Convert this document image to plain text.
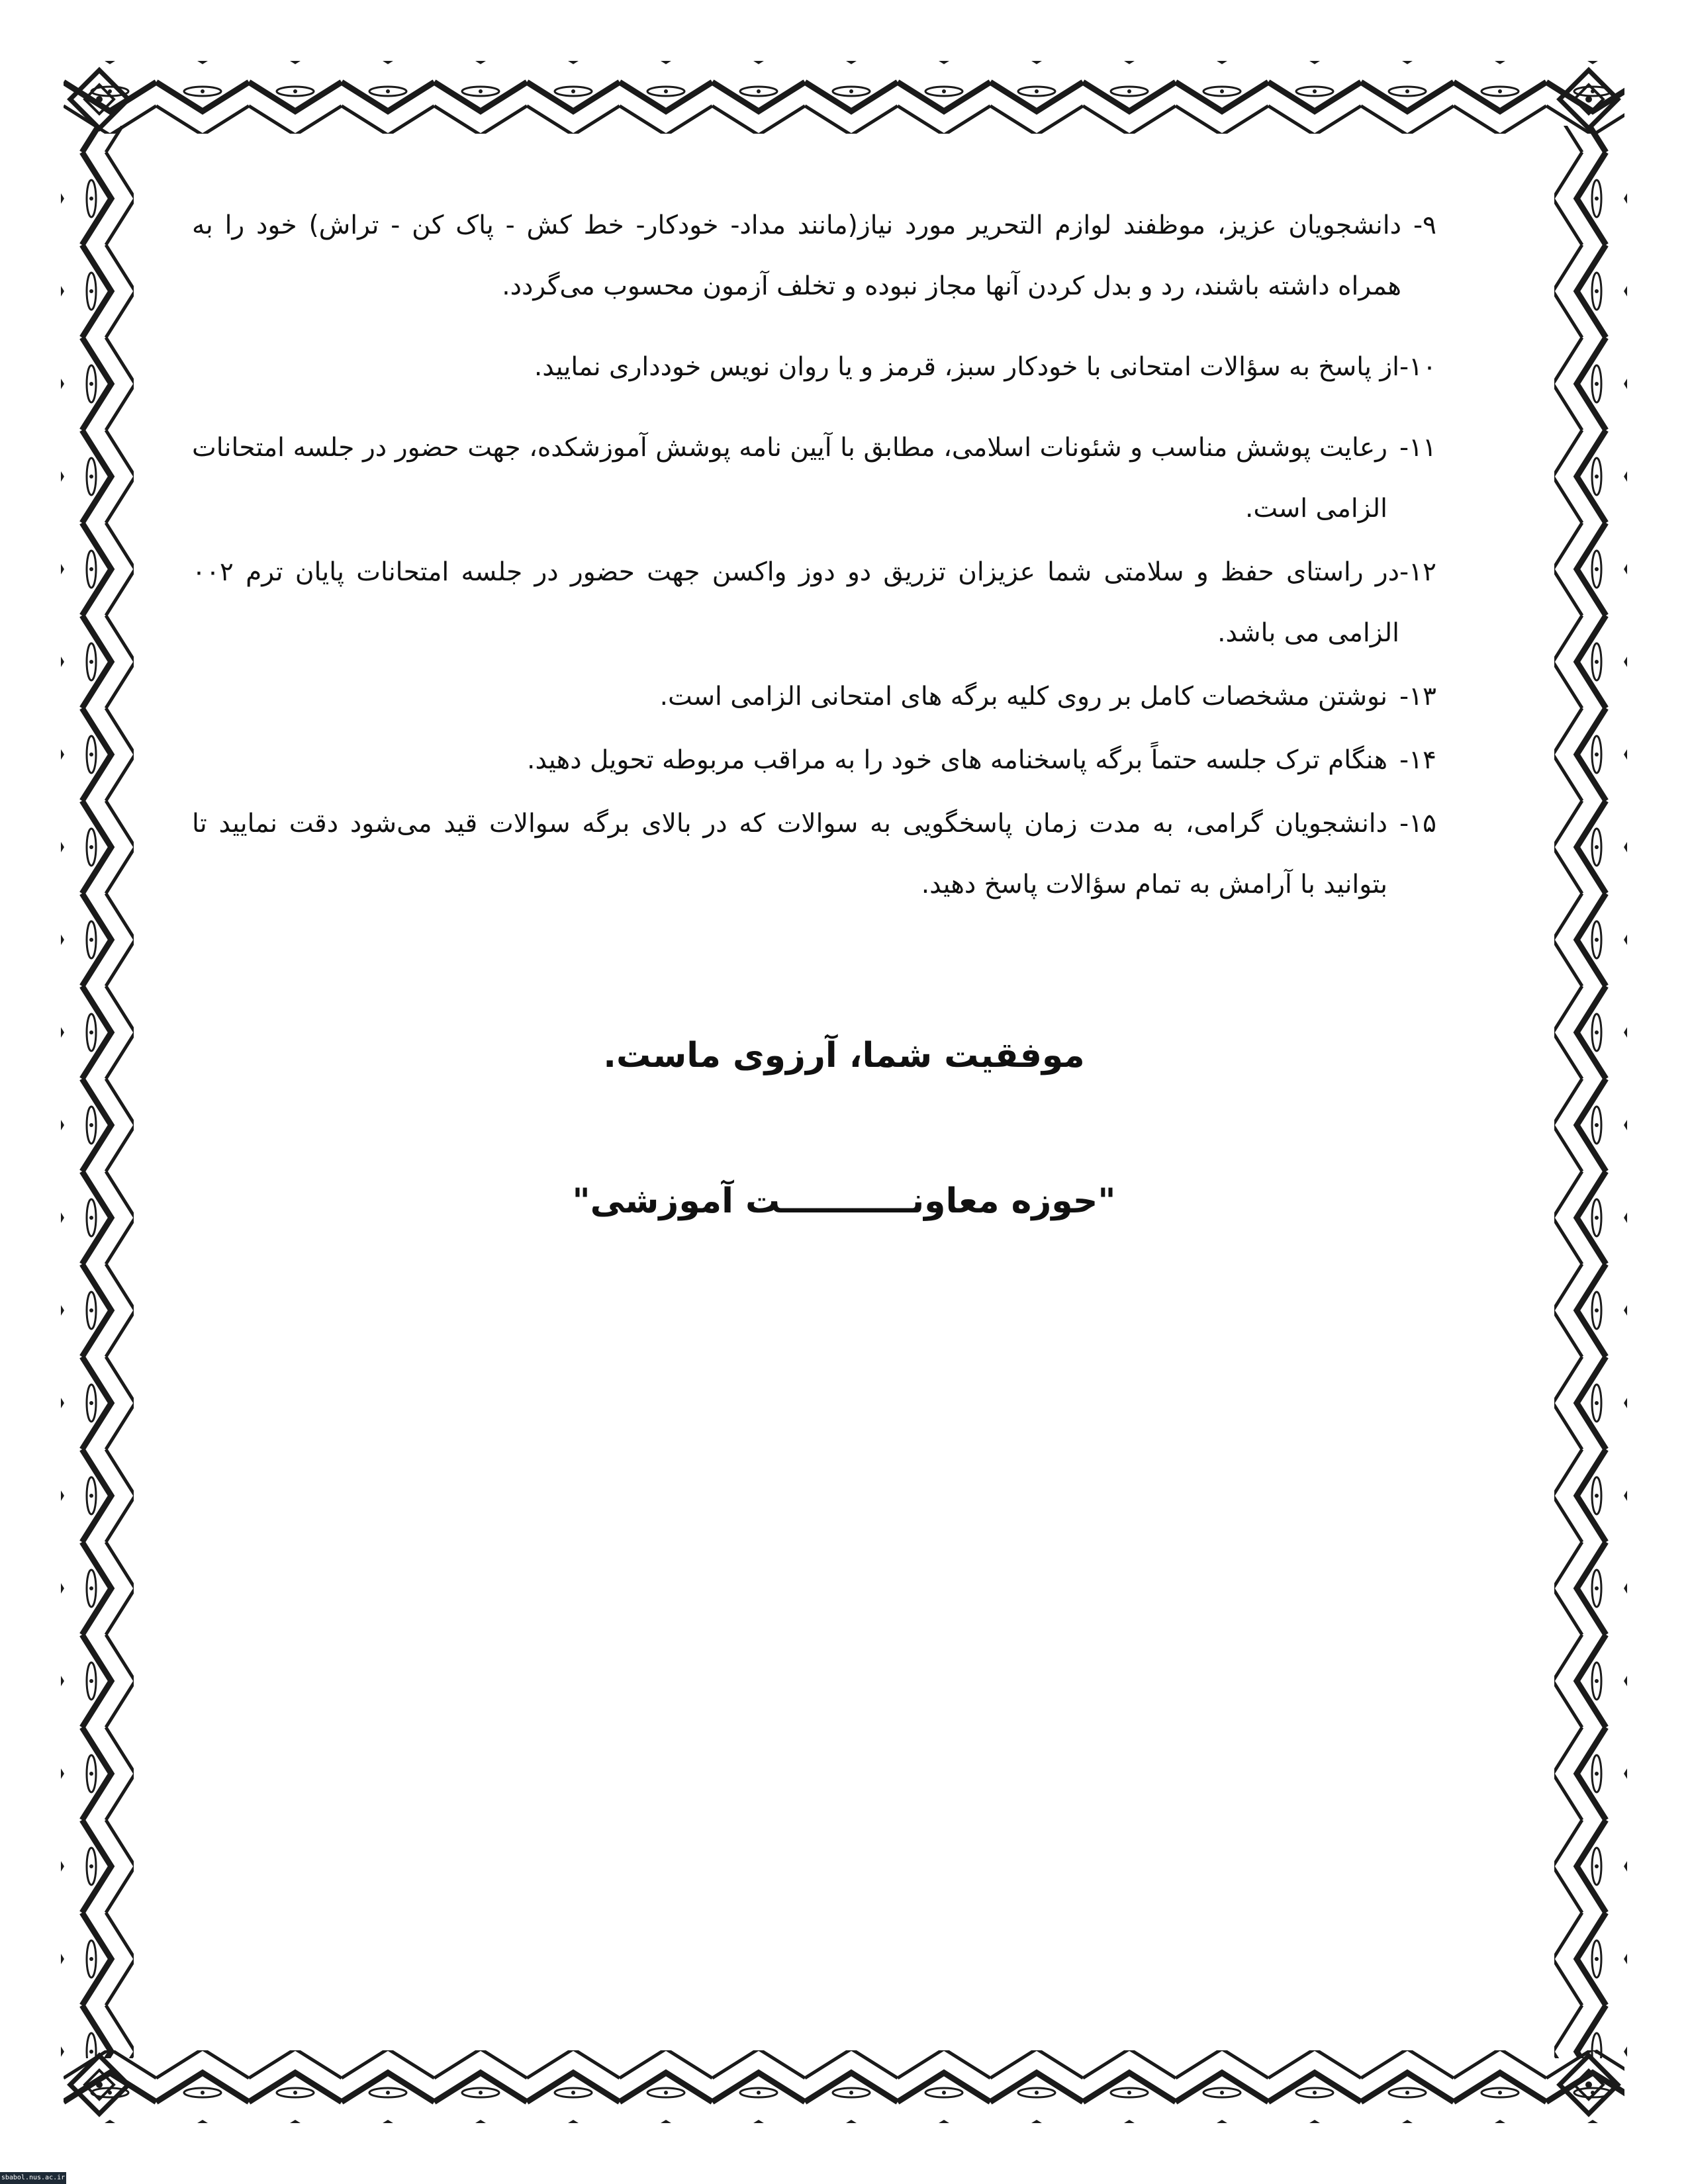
۹-
دانشجویان عزیز، موظفند لوازم التحریر مورد نیاز(مانند مداد- خودکار- خط کش - پاک کن - تراش) خود را به همراه داشته باشند، رد و بدل کردن آنها مجاز نبوده و تخلف آزمون محسوب می‌گردد.
۱۰-
از پاسخ به سؤالات امتحانی با خودکار سبز، قرمز و یا روان نویس خودداری نمایید.
۱۱-
رعایت پوشش مناسب و شئونات اسلامی، مطابق با آیین نامه پوشش آموزشکده، جهت حضور در جلسه امتحانات الزامی است.
۱۲-
در راستای حفظ و سلامتی شما عزیزان تزریق دو دوز واکسن جهت حضور در جلسه امتحانات پایان ترم ۰۰۲ الزامی می باشد.
۱۳-
نوشتن مشخصات کامل بر روی کلیه برگه های امتحانی الزامی است.
۱۴-
هنگام ترک جلسه حتماً برگه پاسخنامه های خود را به مراقب مربوطه تحویل دهید.
۱۵-
دانشجویان گرامی، به مدت زمان پاسخگویی به سوالات که در بالای برگه سوالات قید می‌شود دقت نمایید تا بتوانید با آرامش به تمام سؤالات پاسخ دهید.
موفقیت شما، آرزوی ماست.
"حوزه معاونـــــــــــت آموزشی"
sbabol.nus.ac.ir
